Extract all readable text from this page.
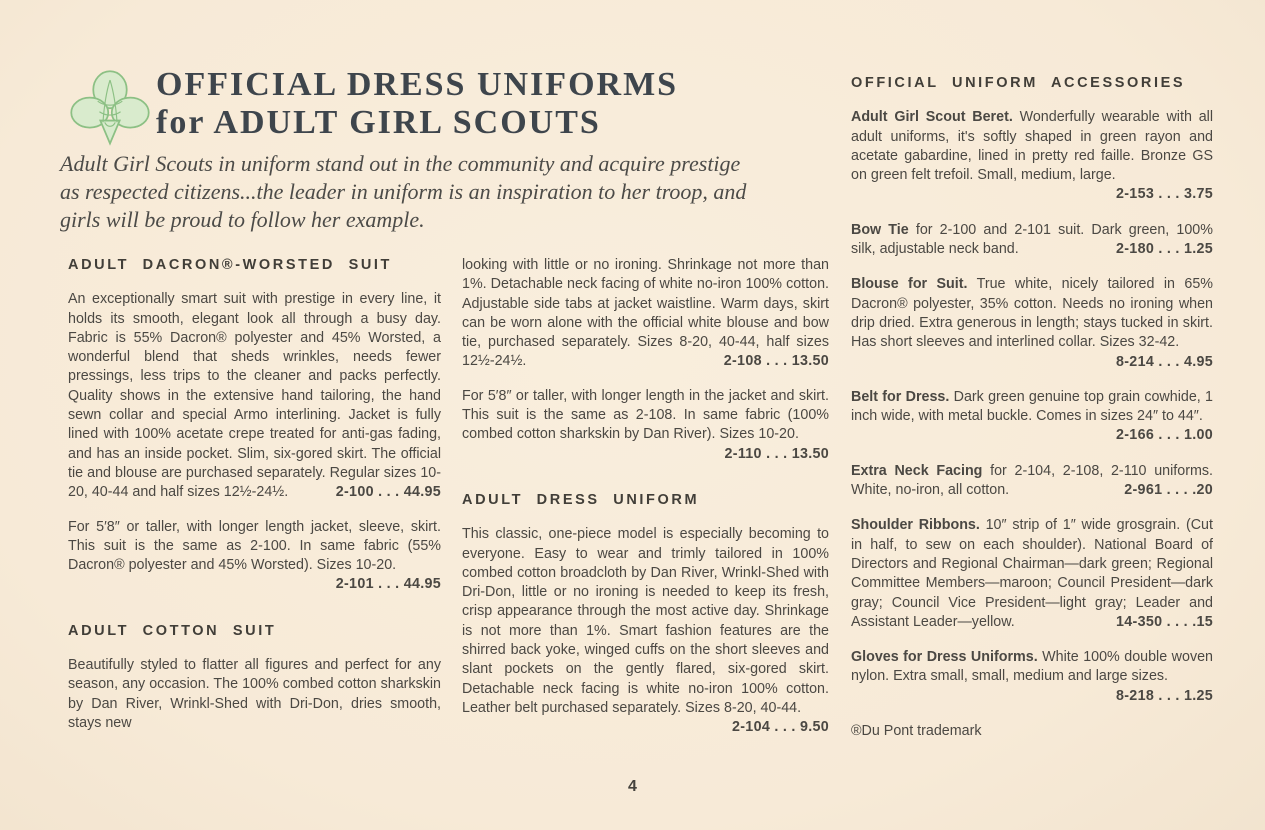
OFFICIAL DRESS UNIFORMS
for ADULT GIRL SCOUTS

Adult Girl Scouts in uniform stand out in the community and acquire prestige as respected citizens...the leader in uniform is an inspiration to her troop, and girls will be proud to follow her example.

ADULT DACRON®-WORSTED SUIT

An exceptionally smart suit with prestige in every line, it holds its smooth, elegant look all through a busy day. Fabric is 55% Dacron® polyester and 45% Worsted, a wonderful blend that sheds wrinkles, needs fewer pressings, less trips to the cleaner and packs perfectly. Quality shows in the extensive hand tailoring, the hand sewn collar and special Armo interlining. Jacket is fully lined with 100% acetate crepe treated for anti-gas fading, and has an inside pocket. Slim, six-gored skirt. The official tie and blouse are purchased separately. Regular sizes 10-20, 40-44 and half sizes 12½-24½.	2-100 . . . 44.95

For 5′8″ or taller, with longer length jacket, sleeve, skirt. This suit is the same as 2-100. In same fabric (55% Dacron® polyester and 45% Worsted). Sizes 10-20.
2-101 . . . 44.95

ADULT COTTON SUIT

Beautifully styled to flatter all figures and perfect for any season, any occasion. The 100% combed cotton sharkskin by Dan River, Wrinkl-Shed with Dri-Don, dries smooth, stays new

looking with little or no ironing. Shrinkage not more than 1%. Detachable neck facing of white no-iron 100% cotton. Adjustable side tabs at jacket waistline. Warm days, skirt can be worn alone with the official white blouse and bow tie, purchased separately. Sizes 8-20, 40-44, half sizes 12½-24½.	2-108 . . . 13.50

For 5′8″ or taller, with longer length in the jacket and skirt. This suit is the same as 2-108. In same fabric (100% combed cotton sharkskin by Dan River). Sizes 10-20.
2-110 . . . 13.50

ADULT DRESS UNIFORM

This classic, one-piece model is especially becoming to everyone. Easy to wear and trimly tailored in 100% combed cotton broadcloth by Dan River, Wrinkl-Shed with Dri-Don, little or no ironing is needed to keep its fresh, crisp appearance through the most active day. Shrinkage is not more than 1%. Smart fashion features are the shirred back yoke, winged cuffs on the short sleeves and slant pockets on the gently flared, six-gored skirt. Detachable neck facing is white no-iron 100% cotton. Leather belt purchased separately. Sizes 8-20, 40-44.
2-104 . . . 9.50

OFFICIAL UNIFORM ACCESSORIES

Adult Girl Scout Beret. Wonderfully wearable with all adult uniforms, it's softly shaped in green rayon and acetate gabardine, lined in pretty red faille. Bronze GS on green felt trefoil. Small, medium, large.
2-153 . . . 3.75

Bow Tie for 2-100 and 2-101 suit. Dark green, 100% silk, adjustable neck band.	2-180 . . . 1.25

Blouse for Suit. True white, nicely tailored in 65% Dacron® polyester, 35% cotton. Needs no ironing when drip dried. Extra generous in length; stays tucked in skirt. Has short sleeves and interlined collar. Sizes 32-42.
8-214 . . . 4.95

Belt for Dress. Dark green genuine top grain cowhide, 1 inch wide, with metal buckle. Comes in sizes 24″ to 44″.
2-166 . . . 1.00

Extra Neck Facing for 2-104, 2-108, 2-110 uniforms. White, no-iron, all cotton.	2-961 . . . .20

Shoulder Ribbons. 10″ strip of 1″ wide grosgrain. (Cut in half, to sew on each shoulder). National Board of Directors and Regional Chairman—dark green; Regional Committee Members—maroon; Council President—dark gray; Council Vice President—light gray; Leader and Assistant Leader—yellow.	14-350 . . . .15

Gloves for Dress Uniforms. White 100% double woven nylon. Extra small, small, medium and large sizes.
8-218 . . . 1.25

®Du Pont trademark

4
